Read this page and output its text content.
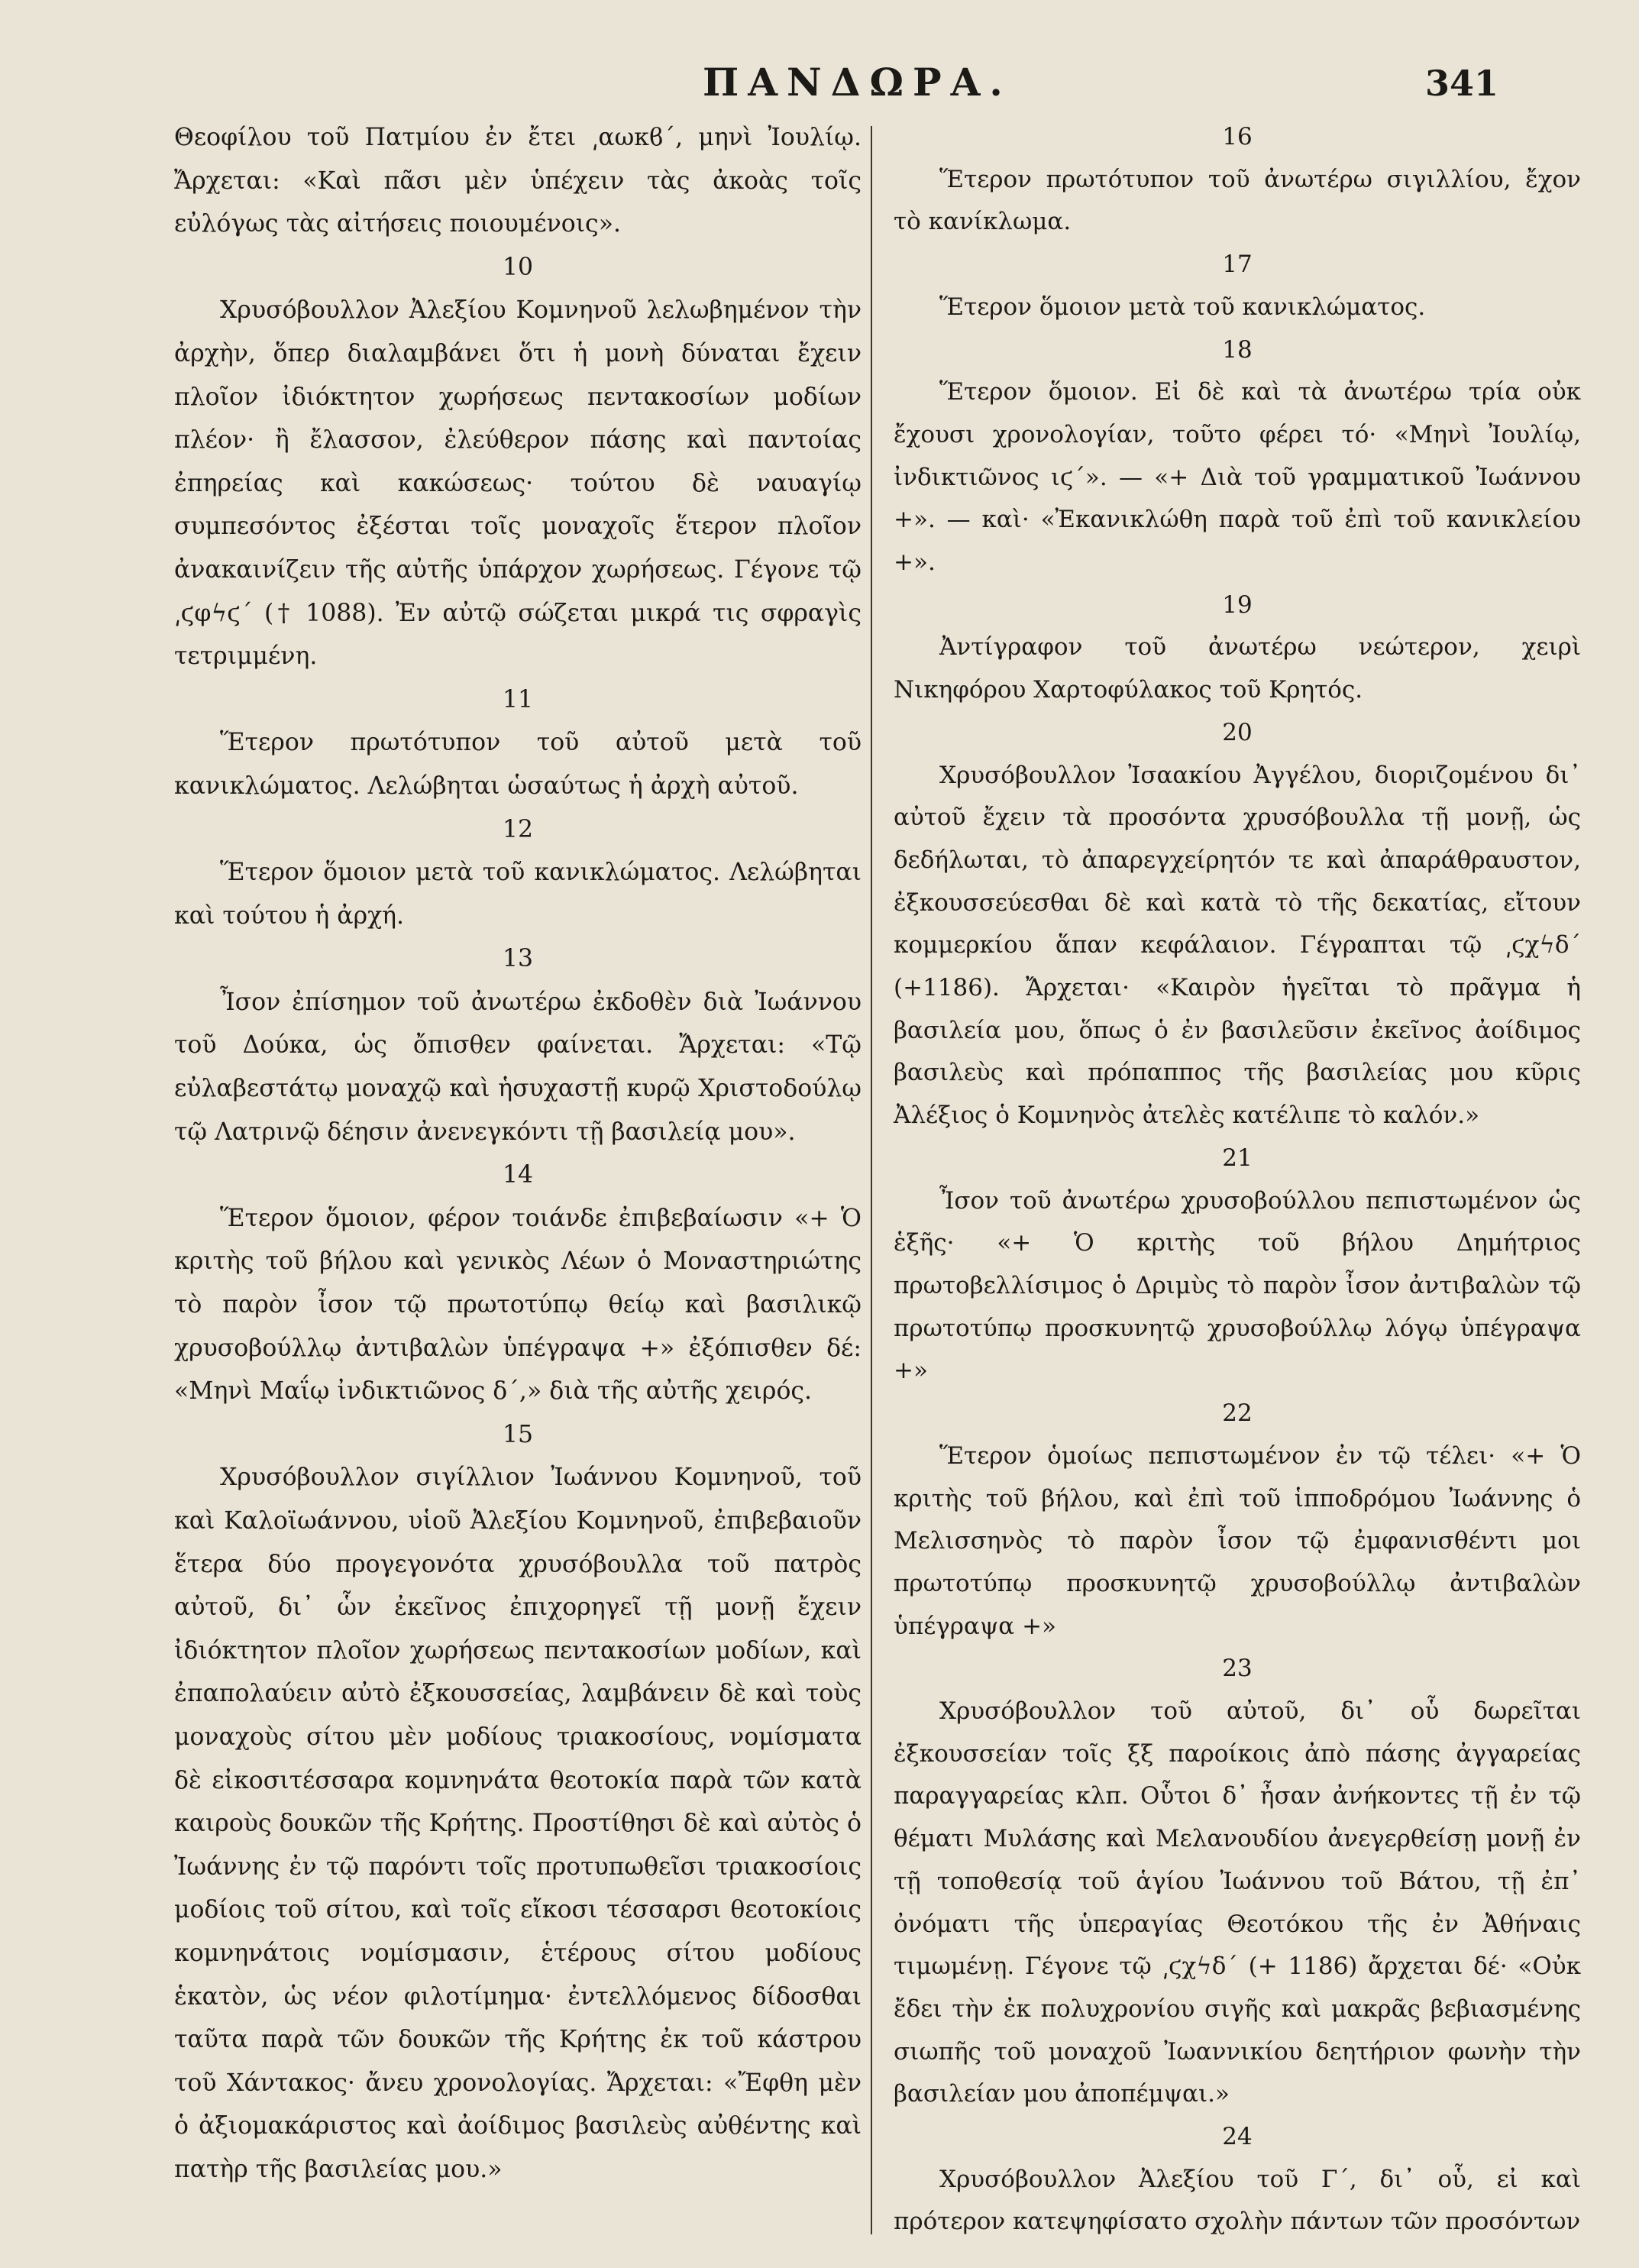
ΠΑΝΔΩΡΑ.	341

Θεοφίλου τοῦ Πατμίου ἐν ἔτει ͵αωκϐ΄, μηνὶ Ἰουλίῳ. Ἄρχεται: «Καὶ πᾶσι μὲν ὑπέχειν τὰς ἀκοὰς τοῖς εὐλόγως τὰς αἰτήσεις ποιουμένοις».

10

Χρυσόβουλλον Ἀλεξίου Κομνηνοῦ λελωβημένον τὴν ἀρχὴν, ὅπερ διαλαμβάνει ὅτι ἡ μονὴ δύναται ἔχειν πλοῖον ἰδιόκτητον χωρήσεως πεντακοσίων μοδίων πλέον· ἢ ἔλασσον, ἐλεύθερον πάσης καὶ παντοίας ἐπηρείας καὶ κακώσεως· τούτου δὲ ναυαγίῳ συμπεσόντος ἐξέσται τοῖς μοναχοῖς ἕτερον πλοῖον ἀνακαινίζειν τῆς αὐτῆς ὑπάρχον χωρήσεως. Γέγονε τῷ ͵ϛφϟϛ΄ († 1088). Ἐν αὐτῷ σώζεται μικρά τις σφραγὶς τετριμμένη.

11

Ἕτερον πρωτότυπον τοῦ αὐτοῦ μετὰ τοῦ κανικλώματος. Λελώβηται ὡσαύτως ἡ ἀρχὴ αὐτοῦ.

12

Ἕτερον ὅμοιον μετὰ τοῦ κανικλώματος. Λελώβηται καὶ τούτου ἡ ἀρχή.

13

Ἶσον ἐπίσημον τοῦ ἀνωτέρω ἐκδοθὲν διὰ Ἰωάννου τοῦ Δούκα, ὡς ὄπισθεν φαίνεται. Ἄρχεται: «Τῷ εὐλαβεστάτῳ μοναχῷ καὶ ἡσυχαστῇ κυρῷ Χριστοδούλῳ τῷ Λατρινῷ δέησιν ἀνενεγκόντι τῇ βασιλείᾳ μου».

14

Ἕτερον ὅμοιον, φέρον τοιάνδε ἐπιβεβαίωσιν «+ Ὁ κριτὴς τοῦ βήλου καὶ γενικὸς Λέων ὁ Μοναστηριώτης τὸ παρὸν ἶσον τῷ πρωτοτύπῳ θείῳ καὶ βασιλικῷ χρυσοβούλλῳ ἀντιβαλὼν ὑπέγραψα +» ἐξόπισθεν δέ: «Μηνὶ Μαΐῳ ἰνδικτιῶνος δ΄,» διὰ τῆς αὐτῆς χειρός.

15

Χρυσόβουλλον σιγίλλιον Ἰωάννου Κομνηνοῦ, τοῦ καὶ Καλοϊωάννου, υἱοῦ Ἀλεξίου Κομνηνοῦ, ἐπιβεβαιοῦν ἕτερα δύο προγεγονότα χρυσόβουλλα τοῦ πατρὸς αὐτοῦ, δι᾽ ὧν ἐκεῖνος ἐπιχορηγεῖ τῇ μονῇ ἔχειν ἰδιόκτητον πλοῖον χωρήσεως πεντακοσίων μοδίων, καὶ ἐπαπολαύειν αὐτὸ ἐξκουσσείας, λαμβάνειν δὲ καὶ τοὺς μοναχοὺς σίτου μὲν μοδίους τριακοσίους, νομίσματα δὲ εἰκοσιτέσσαρα κομνηνάτα θεοτοκία παρὰ τῶν κατὰ καιροὺς δουκῶν τῆς Κρήτης. Προστίθησι δὲ καὶ αὐτὸς ὁ Ἰωάννης ἐν τῷ παρόντι τοῖς προτυπωθεῖσι τριακοσίοις μοδίοις τοῦ σίτου, καὶ τοῖς εἴκοσι τέσσαρσι θεοτοκίοις κομνηνάτοις νομίσμασιν, ἑτέρους σίτου μοδίους ἑκατὸν, ὡς νέον φιλοτίμημα· ἐντελλόμενος δίδοσθαι ταῦτα παρὰ τῶν δουκῶν τῆς Κρήτης ἐκ τοῦ κάστρου τοῦ Χάντακος· ἄνευ χρονολογίας. Ἄρχεται: «Ἔφθη μὲν ὁ ἀξιομακάριστος καὶ ἀοίδιμος βασιλεὺς αὐθέντης καὶ πατὴρ τῆς βασιλείας μου.»

16

Ἕτερον πρωτότυπον τοῦ ἀνωτέρω σιγιλλίου, ἔχον τὸ κανίκλωμα.

17

Ἕτερον ὅμοιον μετὰ τοῦ κανικλώματος.

18

Ἕτερον ὅμοιον. Εἰ δὲ καὶ τὰ ἀνωτέρω τρία οὐκ ἔχουσι χρονολογίαν, τοῦτο φέρει τό· «Μηνὶ Ἰουλίῳ, ἰνδικτιῶνος ιϛ΄». — «+ Διὰ τοῦ γραμματικοῦ Ἰωάννου +». — καὶ· «Ἐκανικλώθη παρὰ τοῦ ἐπὶ τοῦ κανικλείου +».

19

Ἀντίγραφον τοῦ ἀνωτέρω νεώτερον, χειρὶ Νικηφόρου Χαρτοφύλακος τοῦ Κρητός.

20

Χρυσόβουλλον Ἰσαακίου Ἀγγέλου, διοριζομένου δι᾽ αὐτοῦ ἔχειν τὰ προσόντα χρυσόβουλλα τῇ μονῇ, ὡς δεδήλωται, τὸ ἀπαρεγχείρητόν τε καὶ ἀπαράθραυστον, ἐξκουσσεύεσθαι δὲ καὶ κατὰ τὸ τῆς δεκατίας, εἴτουν κομμερκίου ἅπαν κεφάλαιον. Γέγραπται τῷ ͵ϛχϟδ΄ (+1186). Ἄρχεται· «Καιρὸν ἡγεῖται τὸ πρᾶγμα ἡ βασιλεία μου, ὅπως ὁ ἐν βασιλεῦσιν ἐκεῖνος ἀοίδιμος βασιλεὺς καὶ πρόπαππος τῆς βασιλείας μου κῦρις Ἀλέξιος ὁ Κομνηνὸς ἀτελὲς κατέλιπε τὸ καλόν.»

21

Ἶσον τοῦ ἀνωτέρω χρυσοβούλλου πεπιστωμένον ὡς ἑξῆς· «+ Ὁ κριτὴς τοῦ βήλου Δημήτριος πρωτοβελλίσιμος ὁ Δριμὺς τὸ παρὸν ἶσον ἀντιβαλὼν τῷ πρωτοτύπῳ προσκυνητῷ χρυσοβούλλῳ λόγῳ ὑπέγραψα +»

22

Ἕτερον ὁμοίως πεπιστωμένον ἐν τῷ τέλει· «+ Ὁ κριτὴς τοῦ βήλου, καὶ ἐπὶ τοῦ ἱπποδρόμου Ἰωάννης ὁ Μελισσηνὸς τὸ παρὸν ἶσον τῷ ἐμφανισθέντι μοι πρωτοτύπῳ προσκυνητῷ χρυσοβούλλῳ ἀντιβαλὼν ὑπέγραψα +»

23

Χρυσόβουλλον τοῦ αὐτοῦ, δι᾽ οὗ δωρεῖται ἐξκουσσείαν τοῖς ξξ παροίκοις ἀπὸ πάσης ἀγγαρείας παραγγαρείας κλπ. Οὗτοι δ᾽ ἦσαν ἀνήκοντες τῇ ἐν τῷ θέματι Μυλάσης καὶ Μελανουδίου ἀνεγερθείσῃ μονῇ ἐν τῇ τοποθεσίᾳ τοῦ ἁγίου Ἰωάννου τοῦ Βάτου, τῇ ἐπ᾽ ὀνόματι τῆς ὑπεραγίας Θεοτόκου τῆς ἐν Ἀθήναις τιμωμένῃ. Γέγονε τῷ ͵ϛχϟδ΄ (+ 1186) ἄρχεται δέ· «Οὐκ ἔδει τὴν ἐκ πολυχρονίου σιγῆς καὶ μακρᾶς βεβιασμένης σιωπῆς τοῦ μοναχοῦ Ἰωαννικίου δεητήριον φωνὴν τὴν βασιλείαν μου ἀποπέμψαι.»

24

Χρυσόβουλλον Ἀλεξίου τοῦ Γ΄, δι᾽ οὗ, εἰ καὶ πρότερον κατεψηφίσατο σχολὴν πάντων τῶν προσόντων
